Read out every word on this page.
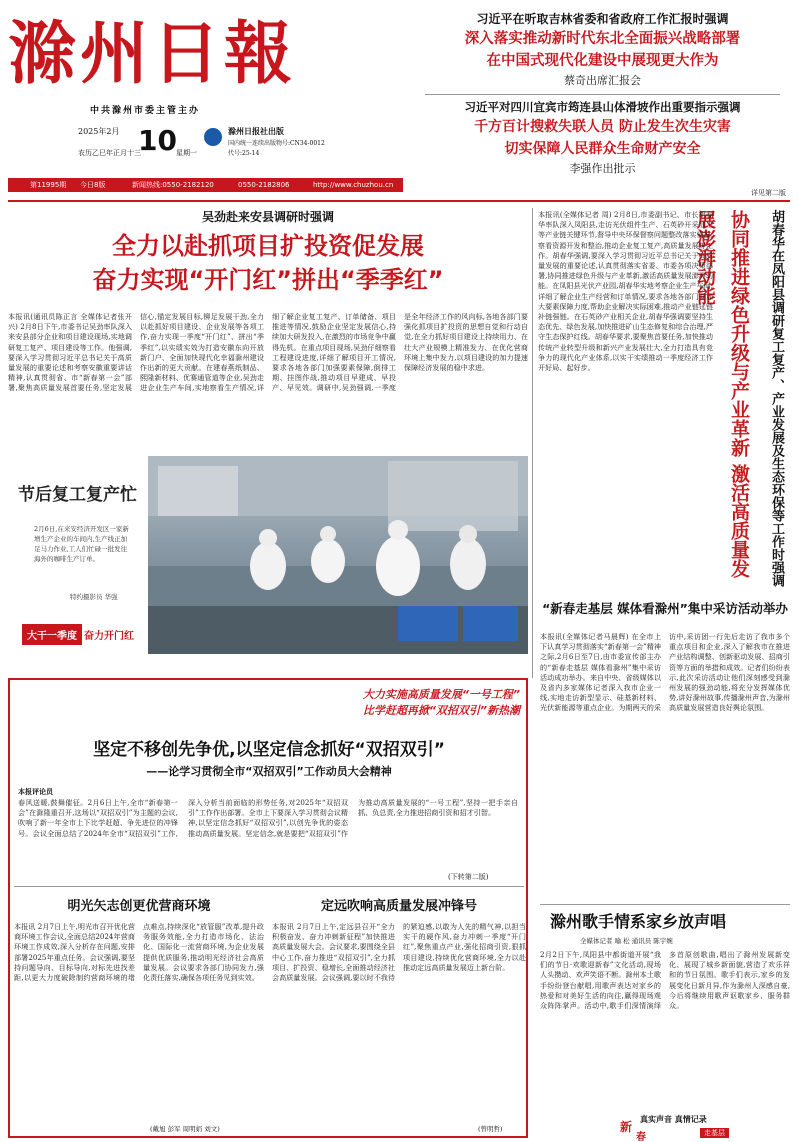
滁州日報
中共滁州市委主管主办
2025年2月
农历乙巳年正月十三
10 星期一
滁州日报社出版
国内统一连续出版物号:CN34-0012
代号:25-14
第11995期 今日8版	新闻热线:0550-2182120	0550-2182806	http://www.chuzhou.cn
习近平在听取吉林省委和省政府工作汇报时强调
深入落实推动新时代东北全面振兴战略部署
在中国式现代化建设中展现更大作为
蔡奇出席汇报会
习近平对四川宜宾市筠连县山体滑坡作出重要指示强调
千方百计搜救失联人员 防止发生次生灾害
切实保障人民群众生命财产安全
李强作出批示
详见第二版
吴劲赴来安县调研时强调
全力以赴抓项目扩投资促发展
奋力实现“开门红”拼出“季季红”
本报讯(通讯员陈正言 全媒体记者张开兴) 2月8日下午,市委书记吴劲率队深入来安县部分企业和项目建设现场,实地调研复工复产、项目建设等工作。他强调,要深入学习贯彻习近平总书记关于高质量发展的重要论述和考察安徽重要讲话精神,认真贯彻省、市“新春第一会”部署,聚焦高质量发展首要任务,坚定发展信心,锚定发展目标,铆足发展干劲,全力以赴抓好项目建设、企业发展等各项工作,奋力实现一季度“开门红”、拼出“季季红”,以实绩实效为打造安徽东向开放新门户、全面加快现代化幸福滁州建设作出新的更大贡献。在建春燕纸制品、熙隆新材料、优赛通管道等企业,吴劲走进企业生产车间,实地察看生产情况,详细了解企业复工复产、订单储备、项目推进等情况,鼓励企业坚定发展信心,持续加大研发投入,在激烈的市场竞争中赢得先机。在重点项目现场,吴劲仔细察看工程建设进度,详细了解项目开工情况,要求各地各部门加强要素保障,倒排工期、挂图作战,推动项目早建成、早投产、早见效。调研中,吴劲强调,一季度是全年经济工作的风向标,各地各部门要强化抓项目扩投资的思想自觉和行动自觉,在全力抓好项目建设上持续用力、在壮大产业规模上精准发力、在优化营商环境上集中发力,以项目建设的加力提速保障经济发展的稳中求进。
节后复工复产忙
2月6日,在来安经济开发区一家新增生产企业的车间内,生产线正加足马力作业,工人们忙碌一批发往海外的咖啡生产订单。
特约摄影员 华强
大干一季度 奋力开门红
胡春华在凤阳县调研复工复产、产业发展及生态环保等工作时强调
协同推进绿色升级与产业革新 激活高质量发展澎湃动能
本报讯(全媒体记者 周) 2月8日,市委副书记、市长胡春华率队深入凤阳县,走访光伏组件生产、石英砂开采加工等产业链关键环节,督导中央环保督察问题整改落实情况,察看资源开发和整治,推动企业复工复产,高质量发展等工作。胡春华强调,要深入学习贯彻习近平总书记关于高质量发展的重要论述,认真贯彻落实省委、市委各项决策部署,协同推进绿色升级与产业革新,激活高质量发展澎湃动能。在凤阳县光伏产业园,胡春华实地考察企业生产车间,详细了解企业生产经营和订单情况,要求各地各部门要加大要素保障力度,帮助企业解决实际困难,推动产业链延链补链强链。在石英砂产业相关企业,胡春华强调要坚持生态优先、绿色发展,加快推进矿山生态修复和综合治理,严守生态保护红线。胡春华要求,要聚焦首要任务,加快推动传统产业转型升级和新兴产业发展壮大,全力打造具有竞争力的现代化产业体系,以实干实绩推动一季度经济工作开好局、起好步。
“新春走基层 媒体看滁州”集中采访活动举办
本报讯(全媒体记者马晨辉) 在全市上下认真学习贯彻落实“新春第一会”精神之际,2月6日至7日,由市委宣传部主办的“新春走基层 媒体看滁州”集中采访活动成功举办。来自中央、省级媒体以及省内多家媒体记者深入我市企业一线,实地走访新型显示、硅基新材料、光伏新能源等重点企业。为期两天的采访中,采访团一行先后走访了我市多个重点项目和企业,深入了解我市在推进产业结构调整、创新驱动发展、招商引资等方面的举措和成效。记者们纷纷表示,此次采访活动让他们深刻感受到滁州发展的强劲动能,将充分发挥媒体优势,讲好滁州故事,传播滁州声音,为滁州高质量发展营造良好舆论氛围。
大力实施高质量发展“一号工程”
比学赶超再掀“双招双引”新热潮
坚定不移创先争优,以坚定信念抓好“双招双引”
——论学习贯彻全市“双招双引”工作动员大会精神
本报评论员
春风送暖,鼓舞催征。2月6日上午,全市“新春第一会”在滁隆重召开,这场以“双招双引”为主题的会议,吹响了新一年全市上下比学赶超、争先进位的冲锋号。会议全面总结了2024年全市“双招双引”工作,深入分析当前面临的形势任务,对2025年“双招双引”工作作出部署。全市上下要深入学习贯彻会议精神,以坚定信念抓好“双招双引”,以创先争优的姿态推动高质量发展。坚定信念,就是要把“双招双引”作为推动高质量发展的“一号工程”,坚持一把手亲自抓、负总责,全力推进招商引资和招才引智。
(下转第二版)
明光矢志创更优营商环境
本报讯 2月7日上午,明光市召开优化营商环境工作会议,全面总结2024年营商环境工作成效,深入分析存在问题,安排部署2025年重点任务。会议强调,要坚持问题导向、目标导向,对标先进找差距,以更大力度破除制约营商环境的堵点难点,持续深化“放管服”改革,提升政务服务效能,全力打造市场化、法治化、国际化一流营商环境,为企业发展提供优质服务,推动明光经济社会高质量发展。会议要求各部门协同发力,强化责任落实,确保各项任务见到实效。
(戴旭 彭军 周明娟 刘文)
定远吹响高质量发展冲锋号
本报讯 2月7日上午,定远县召开“全力积极奋发、奋力冲刺新征程”加快推进高质量发展大会。会议要求,要围绕全县中心工作,奋力推进“双招双引”,全力抓项目、扩投资、稳增长,全面推动经济社会高质量发展。会议强调,要以时不我待的紧迫感,以敢为人先的精气神,以担当实干的硬作风,奋力冲刺一季度“开门红”,聚焦重点产业,强化招商引资,狠抓项目建设,持续优化营商环境,全力以赴推动定远高质量发展迈上新台阶。
(曾明哲)
滁州歌手情系家乡放声唱
全媒体记者 喻 松 通讯员 陈宇婉
2月2日下午,凤阳县中都街道开展“我们的节日·欢歌迎新春”文化活动,现场人头攒动、欢声笑语不断。滁州本土歌手纷纷登台献唱,用歌声表达对家乡的热爱和对美好生活的向往,赢得现场观众阵阵掌声。活动中,歌手们深情演绎多首原创歌曲,唱出了滁州发展新变化、展现了城乡新面貌,营造了欢乐祥和的节日氛围。歌手们表示,家乡的发展变化日新月异,作为滁州人深感自豪,今后将继续用歌声讴歌家乡、服务群众。
新
真实声音 真情记录
春	走基层
